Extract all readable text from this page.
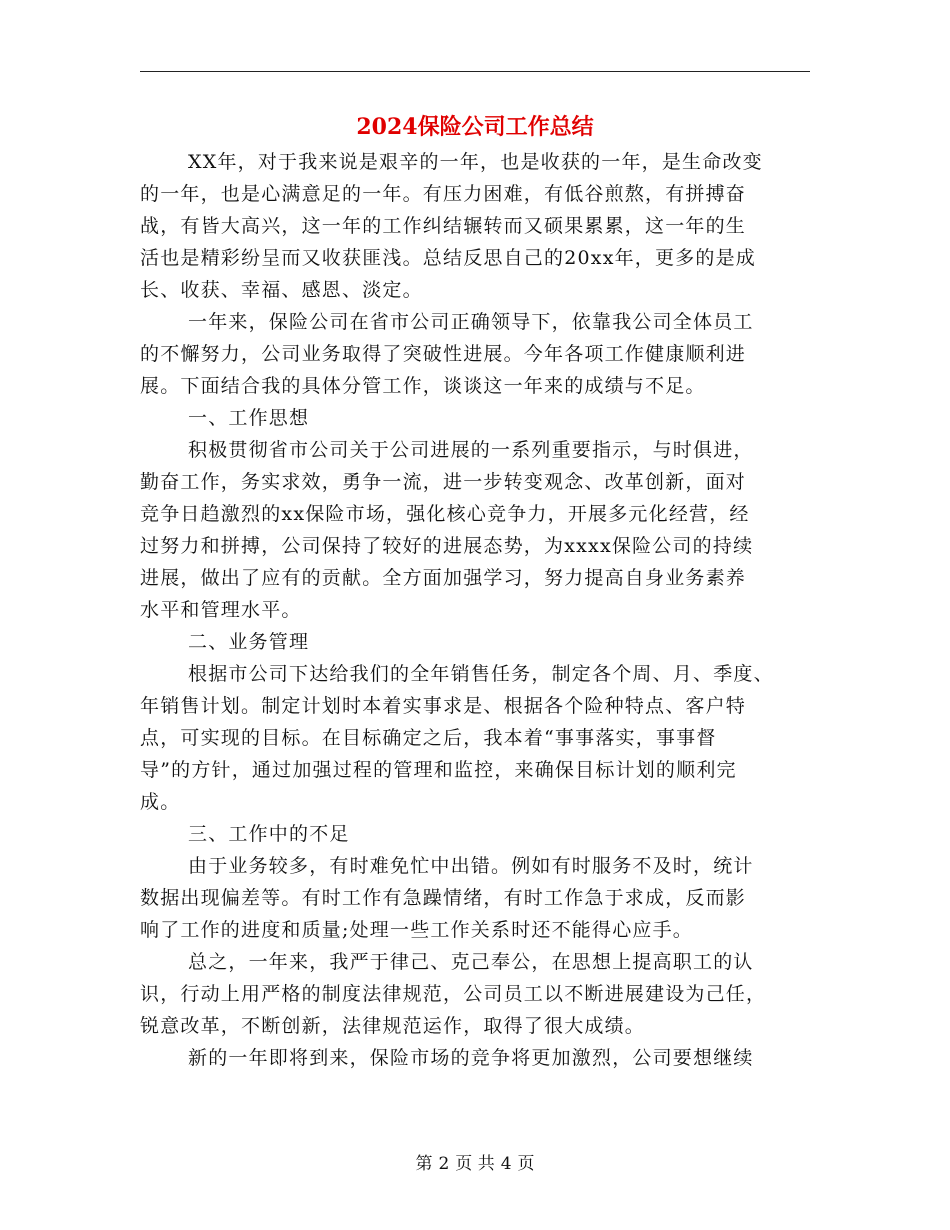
2024保险公司工作总结
XX年，对于我来说是艰辛的一年，也是收获的一年，是生命改变
的一年，也是心满意足的一年。有压力困难，有低谷煎熬，有拼搏奋
战，有皆大高兴，这一年的工作纠结辗转而又硕果累累，这一年的生
活也是精彩纷呈而又收获匪浅。总结反思自己的20xx年，更多的是成
长、收获、幸福、感恩、淡定。
一年来，保险公司在省市公司正确领导下，依靠我公司全体员工
的不懈努力，公司业务取得了突破性进展。今年各项工作健康顺利进
展。下面结合我的具体分管工作，谈谈这一年来的成绩与不足。
一、工作思想
积极贯彻省市公司关于公司进展的一系列重要指示，与时俱进，
勤奋工作，务实求效，勇争一流，进一步转变观念、改革创新，面对
竞争日趋激烈的xx保险市场，强化核心竞争力，开展多元化经营，经
过努力和拼搏，公司保持了较好的进展态势，为xxxx保险公司的持续
进展，做出了应有的贡献。全方面加强学习，努力提高自身业务素养
水平和管理水平。
二、业务管理
根据市公司下达给我们的全年销售任务，制定各个周、月、季度、
年销售计划。制定计划时本着实事求是、根据各个险种特点、客户特
点，可实现的目标。在目标确定之后，我本着“事事落实，事事督
导”的方针，通过加强过程的管理和监控，来确保目标计划的顺利完
成。
三、工作中的不足
由于业务较多，有时难免忙中出错。例如有时服务不及时，统计
数据出现偏差等。有时工作有急躁情绪，有时工作急于求成，反而影
响了工作的进度和质量;处理一些工作关系时还不能得心应手。
总之，一年来，我严于律己、克己奉公，在思想上提高职工的认
识，行动上用严格的制度法律规范，公司员工以不断进展建设为己任，
锐意改革，不断创新，法律规范运作，取得了很大成绩。
新的一年即将到来，保险市场的竞争将更加激烈，公司要想继续
第 2 页 共 4 页
